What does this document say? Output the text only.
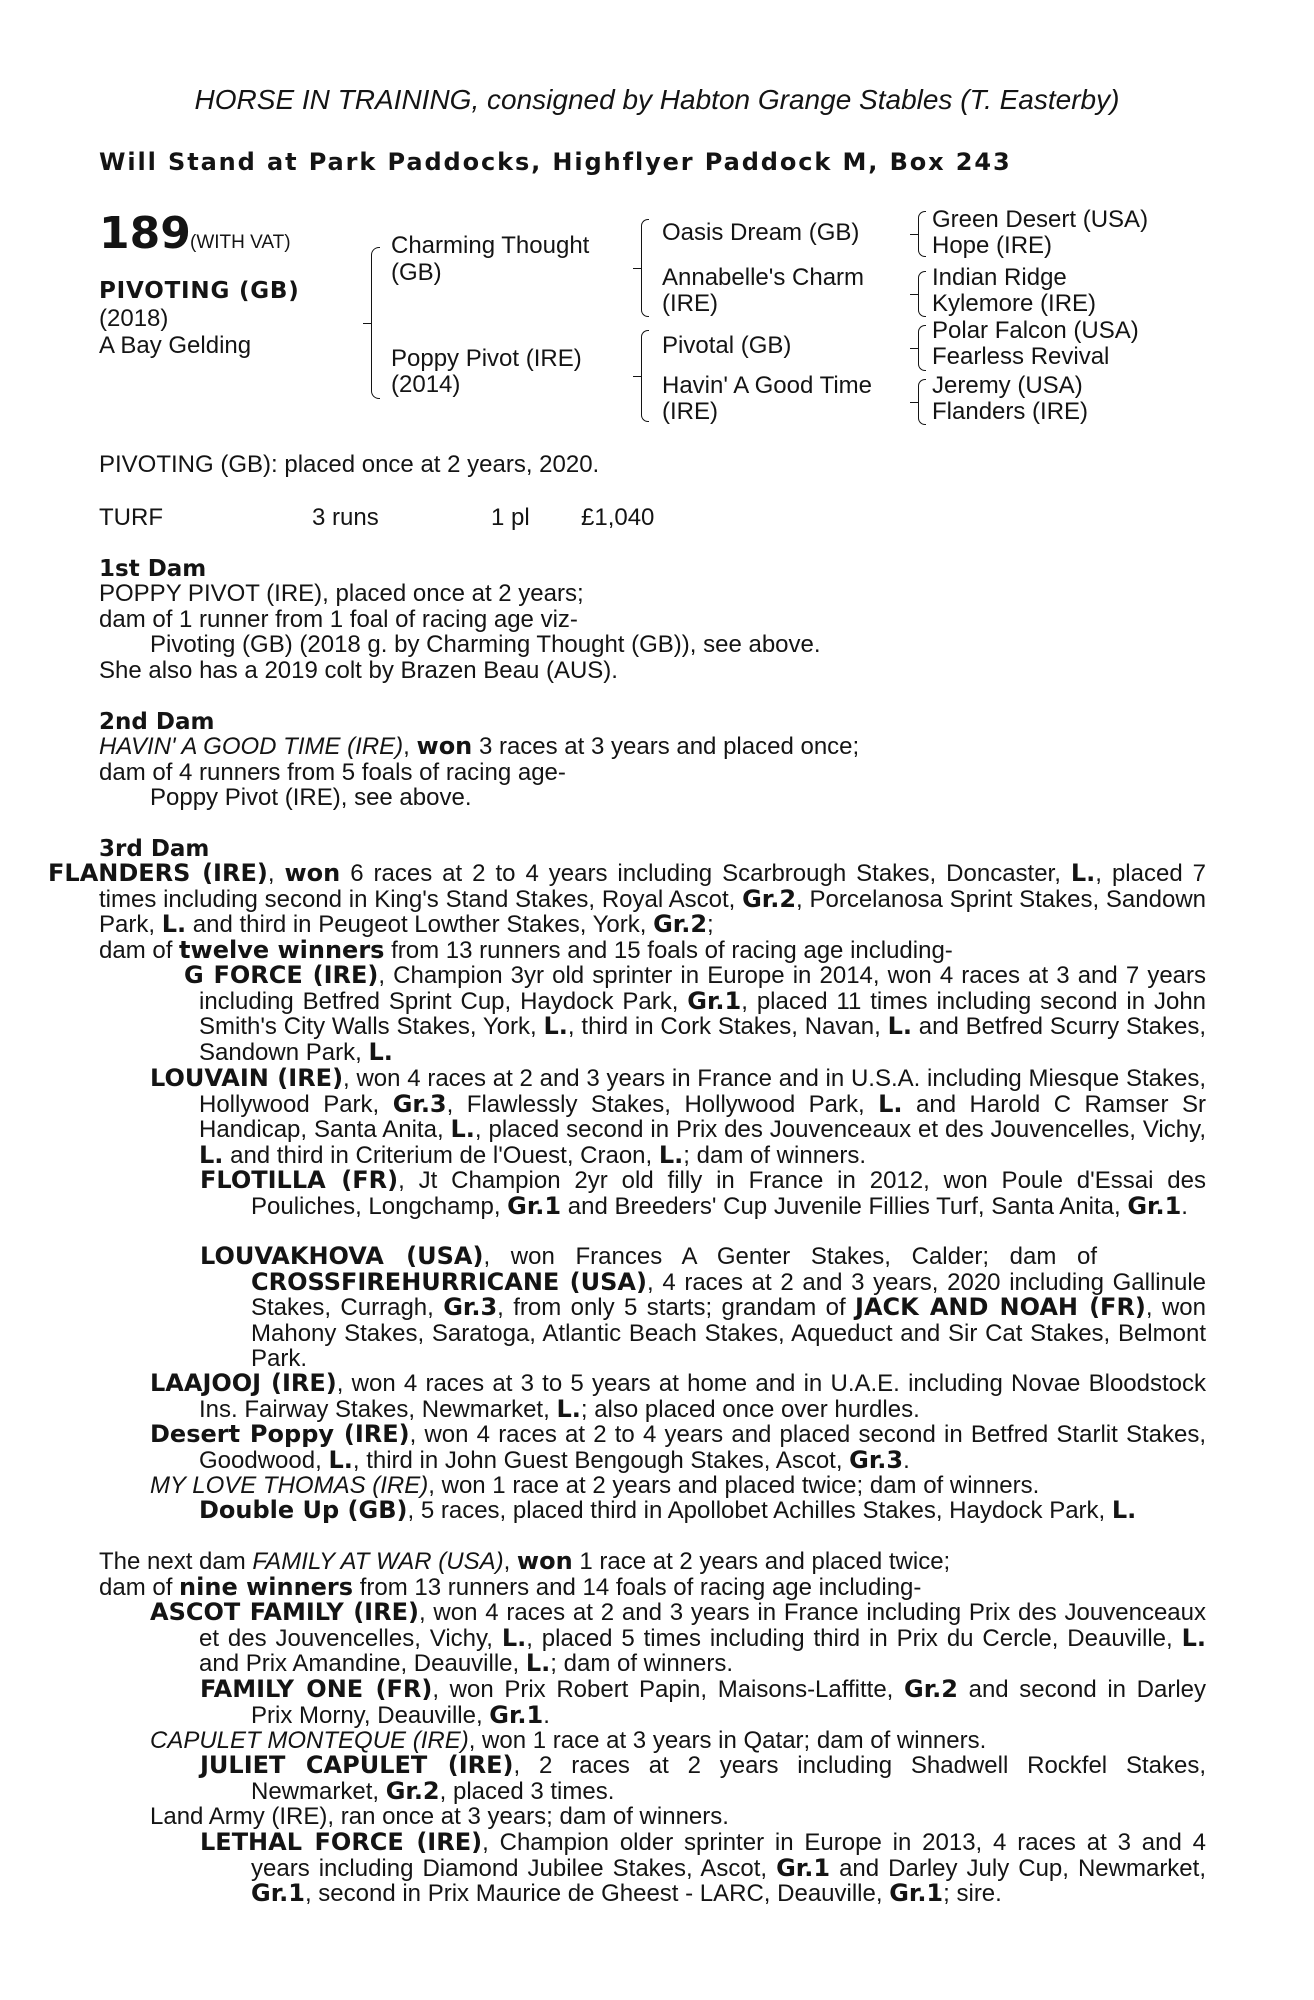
HORSE IN TRAINING, consigned by Habton Grange Stables (T. Easterby)
Will Stand at Park Paddocks, Highflyer Paddock M, Box 243
189 (WITH VAT)
PIVOTING (GB)
(2018)
A Bay Gelding
Charming Thought
(GB)
Poppy Pivot (IRE)
(2014)
Oasis Dream (GB)
Annabelle's Charm
(IRE)
Pivotal (GB)
Havin' A Good Time
(IRE)
Green Desert (USA)
Hope (IRE)
Indian Ridge
Kylemore (IRE)
Polar Falcon (USA)
Fearless Revival
Jeremy (USA)
Flanders (IRE)
PIVOTING (GB): placed once at 2 years, 2020.
TURF	3 runs	1 pl £1,040
1st Dam
POPPY PIVOT (IRE), placed once at 2 years;
dam of 1 runner from 1 foal of racing age viz-
Pivoting (GB) (2018 g. by Charming Thought (GB)), see above.
She also has a 2019 colt by Brazen Beau (AUS).
2nd Dam
HAVIN' A GOOD TIME (IRE), won 3 races at 3 years and placed once;
dam of 4 runners from 5 foals of racing age-
Poppy Pivot (IRE), see above.
3rd Dam
FLANDERS (IRE), won 6 races at 2 to 4 years including Scarbrough Stakes, Doncaster, L., placed 7 times including second in King's Stand Stakes, Royal Ascot, Gr.2, Porcelanosa Sprint Stakes, Sandown Park, L. and third in Peugeot Lowther Stakes, York, Gr.2;
dam of twelve winners from 13 runners and 15 foals of racing age including-
G FORCE (IRE), Champion 3yr old sprinter in Europe in 2014, won 4 races at 3 and 7 years including Betfred Sprint Cup, Haydock Park, Gr.1, placed 11 times including second in John Smith's City Walls Stakes, York, L., third in Cork Stakes, Navan, L. and Betfred Scurry Stakes, Sandown Park, L.
LOUVAIN (IRE), won 4 races at 2 and 3 years in France and in U.S.A. including Miesque Stakes, Hollywood Park, Gr.3, Flawlessly Stakes, Hollywood Park, L. and Harold C Ramser Sr Handicap, Santa Anita, L., placed second in Prix des Jouvenceaux et des Jouvencelles, Vichy, L. and third in Criterium de l'Ouest, Craon, L.; dam of winners.
FLOTILLA (FR), Jt Champion 2yr old filly in France in 2012, won Poule d'Essai des Pouliches, Longchamp, Gr.1 and Breeders' Cup Juvenile Fillies Turf, Santa Anita, Gr.1.
LOUVAKHOVA (USA), won Frances A Genter Stakes, Calder; dam of
CROSSFIREHURRICANE (USA), 4 races at 2 and 3 years, 2020 including Gallinule Stakes, Curragh, Gr.3, from only 5 starts; grandam of JACK AND NOAH (FR), won Mahony Stakes, Saratoga, Atlantic Beach Stakes, Aqueduct and Sir Cat Stakes, Belmont Park.
LAAJOOJ (IRE), won 4 races at 3 to 5 years at home and in U.A.E. including Novae Bloodstock Ins. Fairway Stakes, Newmarket, L.; also placed once over hurdles.
Desert Poppy (IRE), won 4 races at 2 to 4 years and placed second in Betfred Starlit Stakes, Goodwood, L., third in John Guest Bengough Stakes, Ascot, Gr.3.
MY LOVE THOMAS (IRE), won 1 race at 2 years and placed twice; dam of winners.
Double Up (GB), 5 races, placed third in Apollobet Achilles Stakes, Haydock Park, L.
The next dam FAMILY AT WAR (USA), won 1 race at 2 years and placed twice;
dam of nine winners from 13 runners and 14 foals of racing age including-
ASCOT FAMILY (IRE), won 4 races at 2 and 3 years in France including Prix des Jouvenceaux et des Jouvencelles, Vichy, L., placed 5 times including third in Prix du Cercle, Deauville, L. and Prix Amandine, Deauville, L.; dam of winners.
FAMILY ONE (FR), won Prix Robert Papin, Maisons-Laffitte, Gr.2 and second in Darley Prix Morny, Deauville, Gr.1.
CAPULET MONTEQUE (IRE), won 1 race at 3 years in Qatar; dam of winners.
JULIET CAPULET (IRE), 2 races at 2 years including Shadwell Rockfel Stakes, Newmarket, Gr.2, placed 3 times.
Land Army (IRE), ran once at 3 years; dam of winners.
LETHAL FORCE (IRE), Champion older sprinter in Europe in 2013, 4 races at 3 and 4 years including Diamond Jubilee Stakes, Ascot, Gr.1 and Darley July Cup, Newmarket, Gr.1, second in Prix Maurice de Gheest - LARC, Deauville, Gr.1; sire.
